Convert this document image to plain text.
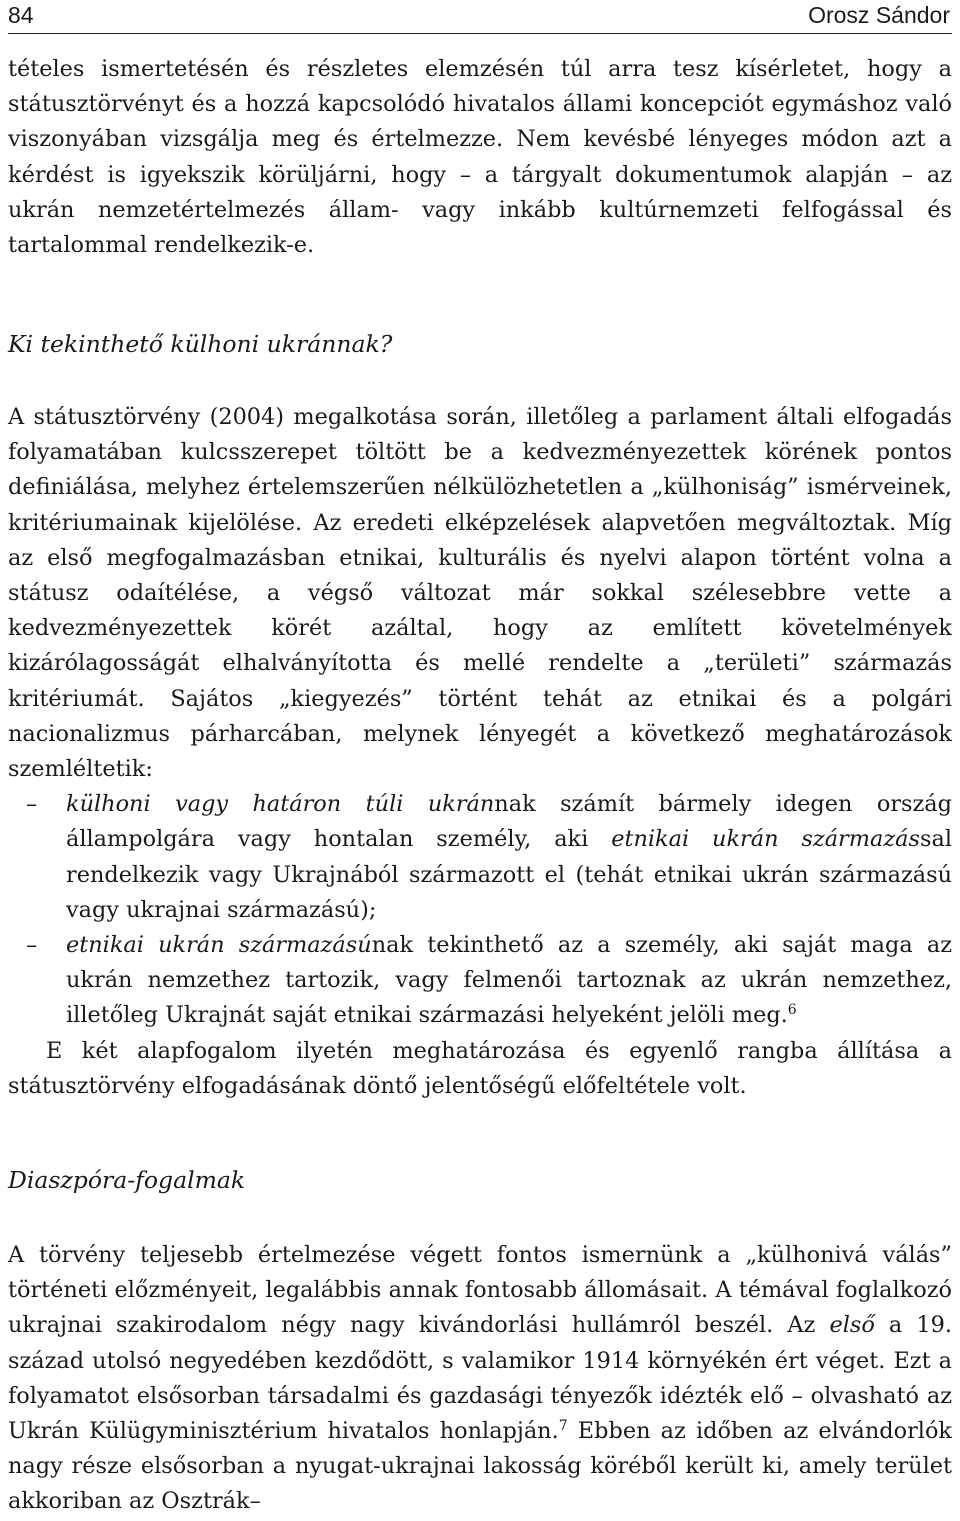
84	Orosz Sándor

tételes ismertetésén és részletes elemzésén túl arra tesz kísérletet, hogy a státusztörvényt és a hozzá kapcsolódó hivatalos állami koncepciót egymáshoz való viszonyában vizsgálja meg és értelmezze. Nem kevésbé lényeges módon azt a kérdést is igyekszik körüljárni, hogy – a tárgyalt dokumentumok alapján – az ukrán nemzetértelmezés állam- vagy inkább kultúrnemzeti felfogással és tartalommal rendelkezik-e.

Ki tekinthető külhoni ukránnak?

A státusztörvény (2004) megalkotása során, illetőleg a parlament általi elfogadás folyamatában kulcsszerepet töltött be a kedvezményezettek körének pontos definiálása, melyhez értelemszerűen nélkülözhetetlen a „külhoniság” ismérveinek, kritériumainak kijelölése. Az eredeti elképzelések alapvetően megváltoztak. Míg az első megfogalmazásban etnikai, kulturális és nyelvi alapon történt volna a státusz odaítélése, a végső változat már sokkal szélesebbre vette a kedvezményezettek körét azáltal, hogy az említett követelmények kizárólagosságát elhalványította és mellé rendelte a „területi” származás kritériumát. Sajátos „kiegyezés” történt tehát az etnikai és a polgári nacionalizmus párharcában, melynek lényegét a következő meghatározások szemléltetik:

– külhoni vagy határon túli ukránnak számít bármely idegen ország állampolgára vagy hontalan személy, aki etnikai ukrán származással rendelkezik vagy Ukrajnából származott el (tehát etnikai ukrán származású vagy ukrajnai származású);
– etnikai ukrán származásúnak tekinthető az a személy, aki saját maga az ukrán nemzethez tartozik, vagy felmenői tartoznak az ukrán nemzethez, illetőleg Ukrajnát saját etnikai származási helyeként jelöli meg.$^6$

E két alapfogalom ilyetén meghatározása és egyenlő rangba állítása a státusztörvény elfogadásának döntő jelentőségű előfeltétele volt.

Diaszpóra-fogalmak

A törvény teljesebb értelmezése végett fontos ismernünk a „külhonivá válás” történeti előzményeit, legalábbis annak fontosabb állomásait. A témával foglalkozó ukrajnai szakirodalom négy nagy kivándorlási hullámról beszél. Az első a 19. század utolsó negyedében kezdődött, s valamikor 1914 környékén ért véget. Ezt a folyamatot elsősorban társadalmi és gazdasági tényezők idézték elő – olvasható az Ukrán Külügyminisztérium hivatalos honlapján.$^7$ Ebben az időben az elvándorlók nagy része elsősorban a nyugat-ukrajnai lakosság köréből került ki, amely terület akkoriban az Osztrák–
